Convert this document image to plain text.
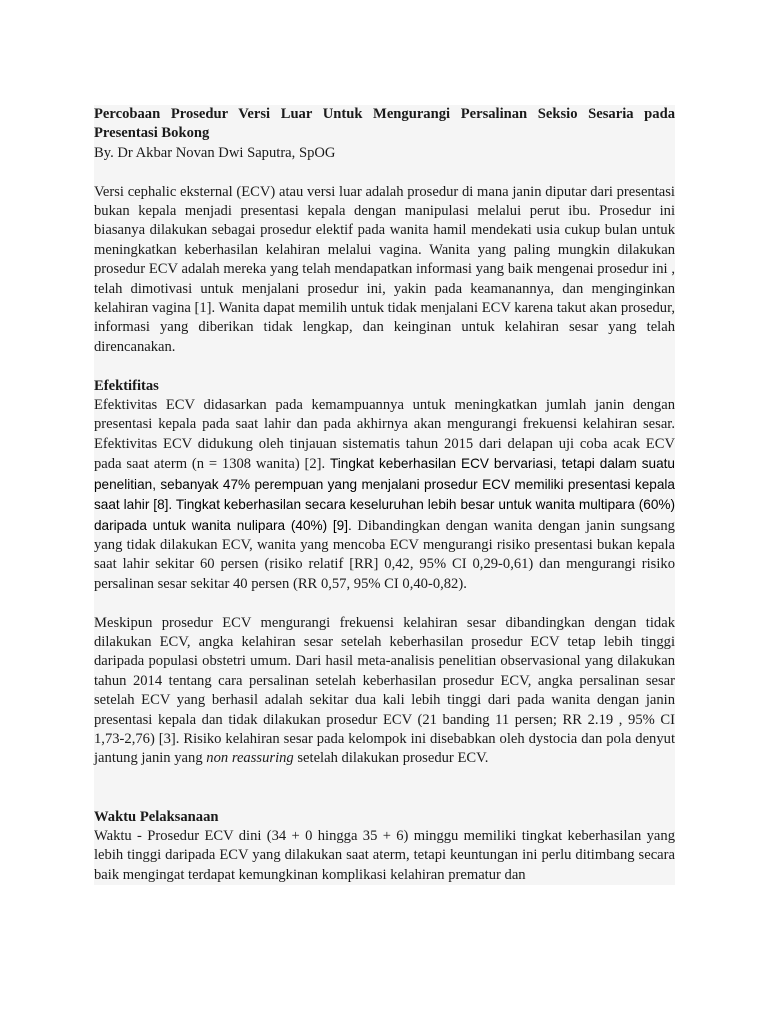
Percobaan Prosedur Versi Luar Untuk Mengurangi Persalinan Seksio Sesaria pada Presentasi Bokong

By. Dr Akbar Novan Dwi Saputra, SpOG

Versi cephalic eksternal (ECV) atau versi luar adalah prosedur di mana janin diputar dari presentasi bukan kepala menjadi presentasi kepala dengan manipulasi melalui perut ibu. Prosedur ini biasanya dilakukan sebagai prosedur elektif pada wanita hamil mendekati usia cukup bulan untuk meningkatkan keberhasilan kelahiran melalui vagina. Wanita yang paling mungkin dilakukan prosedur ECV adalah mereka yang telah mendapatkan informasi yang baik mengenai prosedur ini , telah dimotivasi untuk menjalani prosedur ini, yakin pada keamanannya, dan menginginkan kelahiran vagina [1]. Wanita dapat memilih untuk tidak menjalani ECV karena takut akan prosedur, informasi yang diberikan tidak lengkap, dan keinginan untuk kelahiran sesar yang telah direncanakan.

Efektifitas

Efektivitas ECV didasarkan pada kemampuannya untuk meningkatkan jumlah janin dengan presentasi kepala pada saat lahir dan pada akhirnya akan mengurangi frekuensi kelahiran sesar. Efektivitas ECV didukung oleh tinjauan sistematis tahun 2015 dari delapan uji coba acak ECV pada saat aterm (n = 1308 wanita) [2]. Tingkat keberhasilan ECV bervariasi, tetapi dalam suatu penelitian, sebanyak 47% perempuan yang menjalani prosedur ECV memiliki presentasi kepala saat lahir [8]. Tingkat keberhasilan secara keseluruhan lebih besar untuk wanita multipara (60%) daripada untuk wanita nulipara (40%) [9]. Dibandingkan dengan wanita dengan janin sungsang yang tidak dilakukan ECV, wanita yang mencoba ECV mengurangi risiko presentasi bukan kepala saat lahir sekitar 60 persen (risiko relatif [RR] 0,42, 95% CI 0,29-0,61) dan mengurangi risiko persalinan sesar sekitar 40 persen (RR 0,57, 95% CI 0,40-0,82).

Meskipun prosedur ECV mengurangi frekuensi kelahiran sesar dibandingkan dengan tidak dilakukan ECV, angka kelahiran sesar setelah keberhasilan prosedur ECV tetap lebih tinggi daripada populasi obstetri umum. Dari hasil meta-analisis penelitian observasional yang dilakukan tahun 2014 tentang cara persalinan setelah keberhasilan prosedur ECV, angka persalinan sesar setelah ECV yang berhasil adalah sekitar dua kali lebih tinggi dari pada wanita dengan janin presentasi kepala dan tidak dilakukan prosedur ECV (21 banding 11 persen; RR 2.19 , 95% CI 1,73-2,76) [3]. Risiko kelahiran sesar pada kelompok ini disebabkan oleh dystocia dan pola denyut jantung janin yang non reassuring setelah dilakukan prosedur ECV.

Waktu Pelaksanaan

Waktu - Prosedur ECV dini (34 + 0 hingga 35 + 6) minggu memiliki tingkat keberhasilan yang lebih tinggi daripada ECV yang dilakukan saat aterm, tetapi keuntungan ini perlu ditimbang secara baik mengingat terdapat kemungkinan komplikasi kelahiran prematur dan
